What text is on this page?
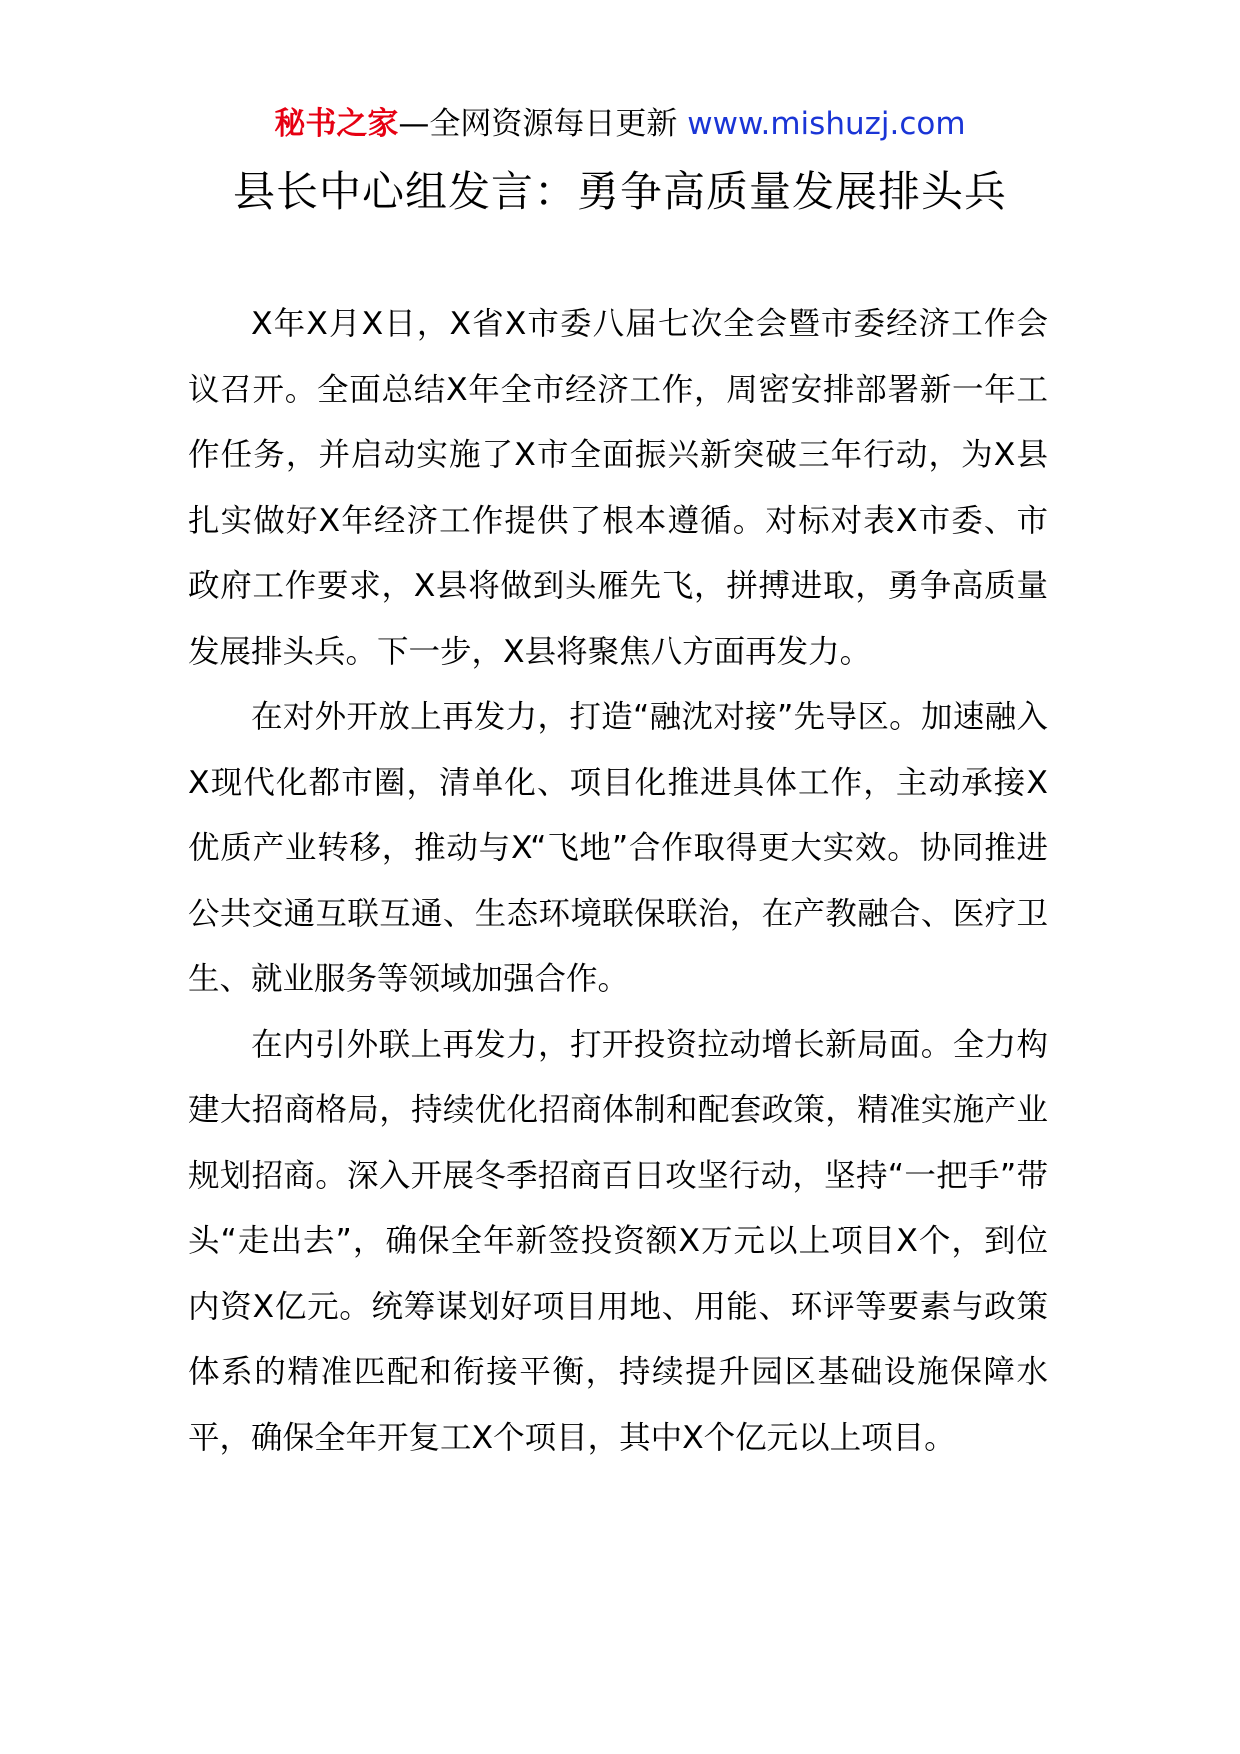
秘书之家—全网资源每日更新 www.mishuzj.com
县长中心组发言：勇争高质量发展排头兵

X年X月X日，X省X市委八届七次全会暨市委经济工作会议召开。全面总结X年全市经济工作，周密安排部署新一年工作任务，并启动实施了X市全面振兴新突破三年行动，为X县扎实做好X年经济工作提供了根本遵循。对标对表X市委、市政府工作要求，X县将做到头雁先飞，拼搏进取，勇争高质量发展排头兵。下一步，X县将聚焦八方面再发力。

在对外开放上再发力，打造“融沈对接”先导区。加速融入X现代化都市圈，清单化、项目化推进具体工作，主动承接X优质产业转移，推动与X“飞地”合作取得更大实效。协同推进公共交通互联互通、生态环境联保联治，在产教融合、医疗卫生、就业服务等领域加强合作。

在内引外联上再发力，打开投资拉动增长新局面。全力构建大招商格局，持续优化招商体制和配套政策，精准实施产业规划招商。深入开展冬季招商百日攻坚行动，坚持“一把手”带头“走出去”，确保全年新签投资额X万元以上项目X个，到位内资X亿元。统筹谋划好项目用地、用能、环评等要素与政策体系的精准匹配和衔接平衡，持续提升园区基础设施保障水平，确保全年开复工X个项目，其中X个亿元以上项目。
